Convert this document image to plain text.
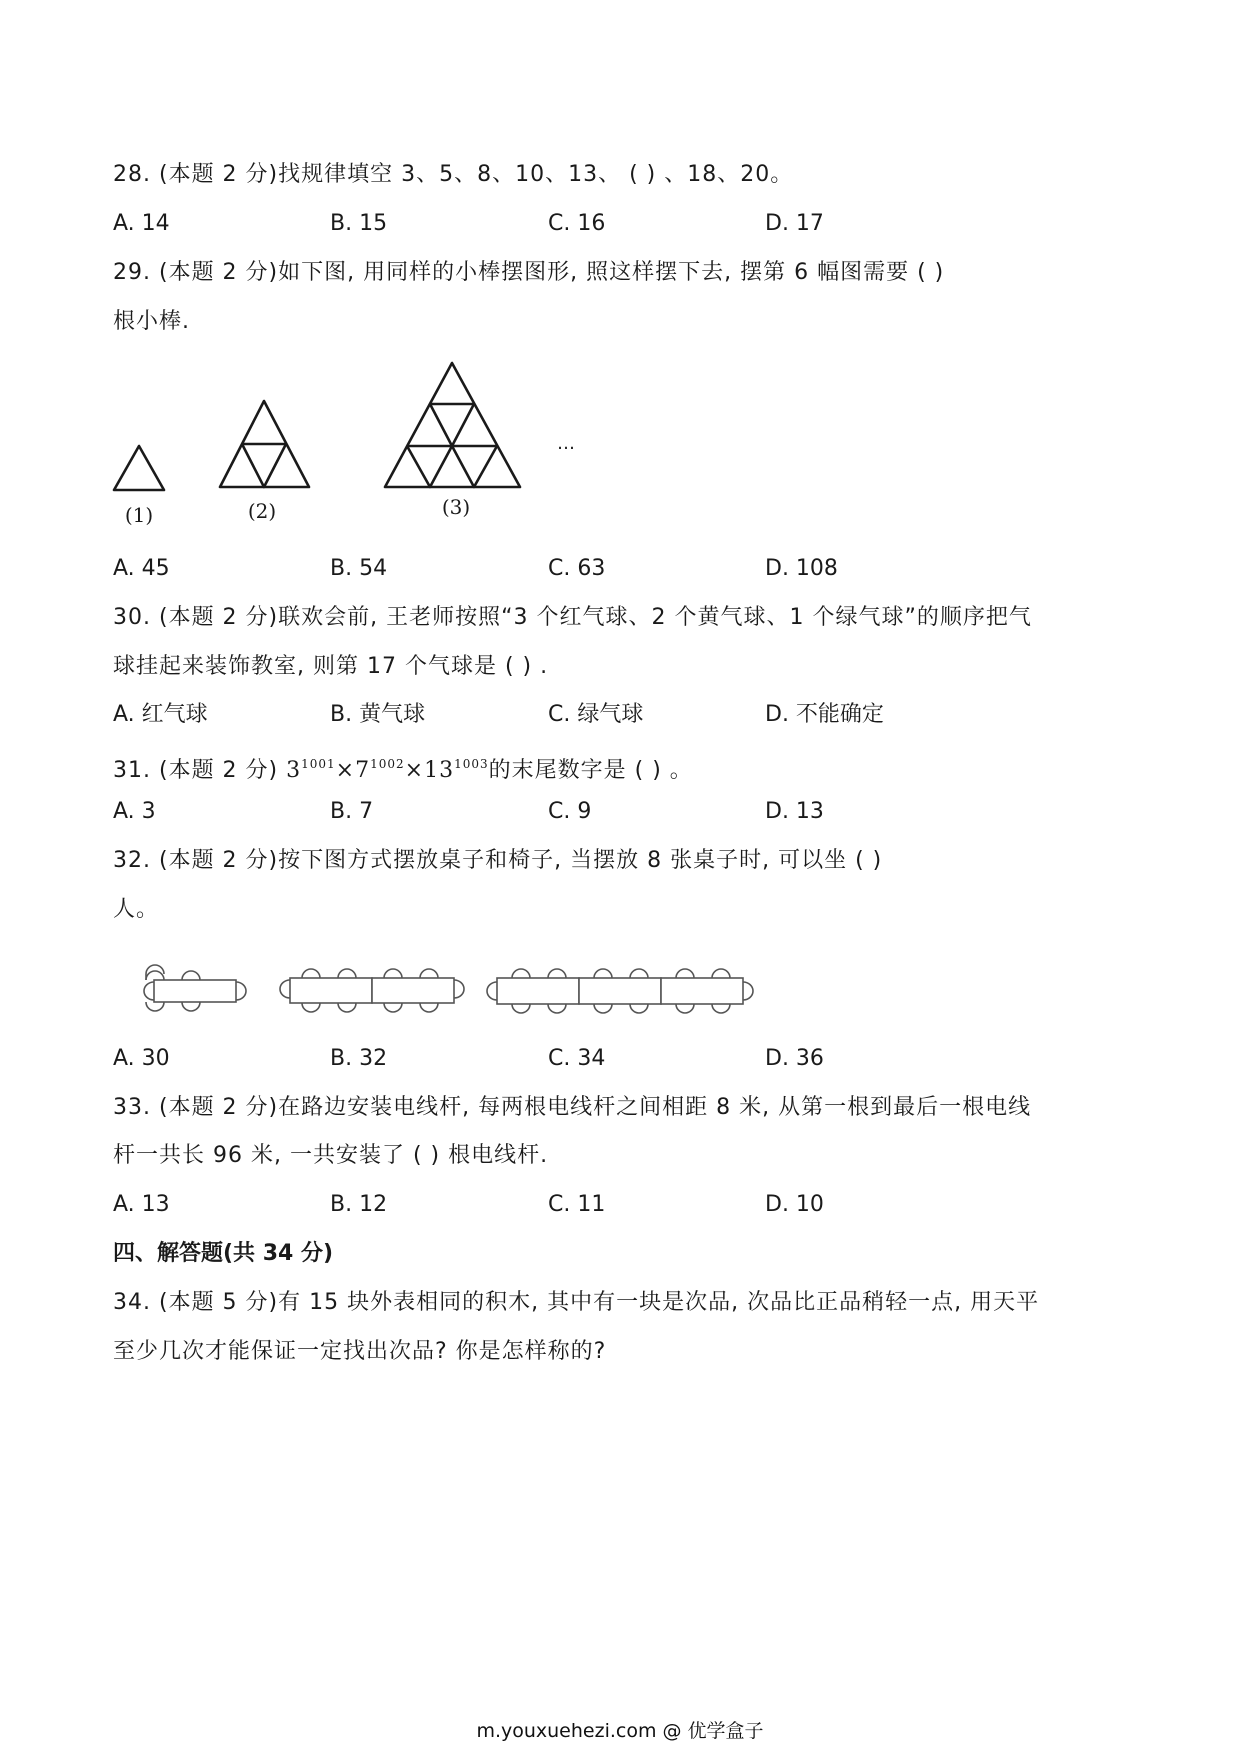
28. (本题 2 分)找规律填空 3、5、8、10、13、 ( ) 、18、20。
A. 14	B. 15	C. 16	D. 17
29. (本题 2 分)如下图, 用同样的小棒摆图形, 照这样摆下去, 摆第 6 幅图需要 ( )
根小棒.
(1)	(2)	(3)
…
A. 45	B. 54	C. 63	D. 108
30. (本题 2 分)联欢会前, 王老师按照“3 个红气球、2 个黄气球、1 个绿气球”的顺序把气
球挂起来装饰教室, 则第 17 个气球是 ( ) .
A. 红气球	B. 黄气球	C. 绿气球	D. 不能确定
31. (本题 2 分) $3^{1001}\times 7^{1002}\times 13^{1003}$的末尾数字是 ( ) 。
A. 3	B. 7	C. 9	D. 13
32. (本题 2 分)按下图方式摆放桌子和椅子, 当摆放 8 张桌子时, 可以坐 ( )
人。
A. 30	B. 32	C. 34	D. 36
33. (本题 2 分)在路边安装电线杆, 每两根电线杆之间相距 8 米, 从第一根到最后一根电线
杆一共长 96 米, 一共安装了 ( ) 根电线杆.
A. 13	B. 12	C. 11	D. 10
四、解答题(共 34 分)
34. (本题 5 分)有 15 块外表相同的积木, 其中有一块是次品, 次品比正品稍轻一点, 用天平
至少几次才能保证一定找出次品? 你是怎样称的?
m.youxuehezi.com @ 优学盒子
